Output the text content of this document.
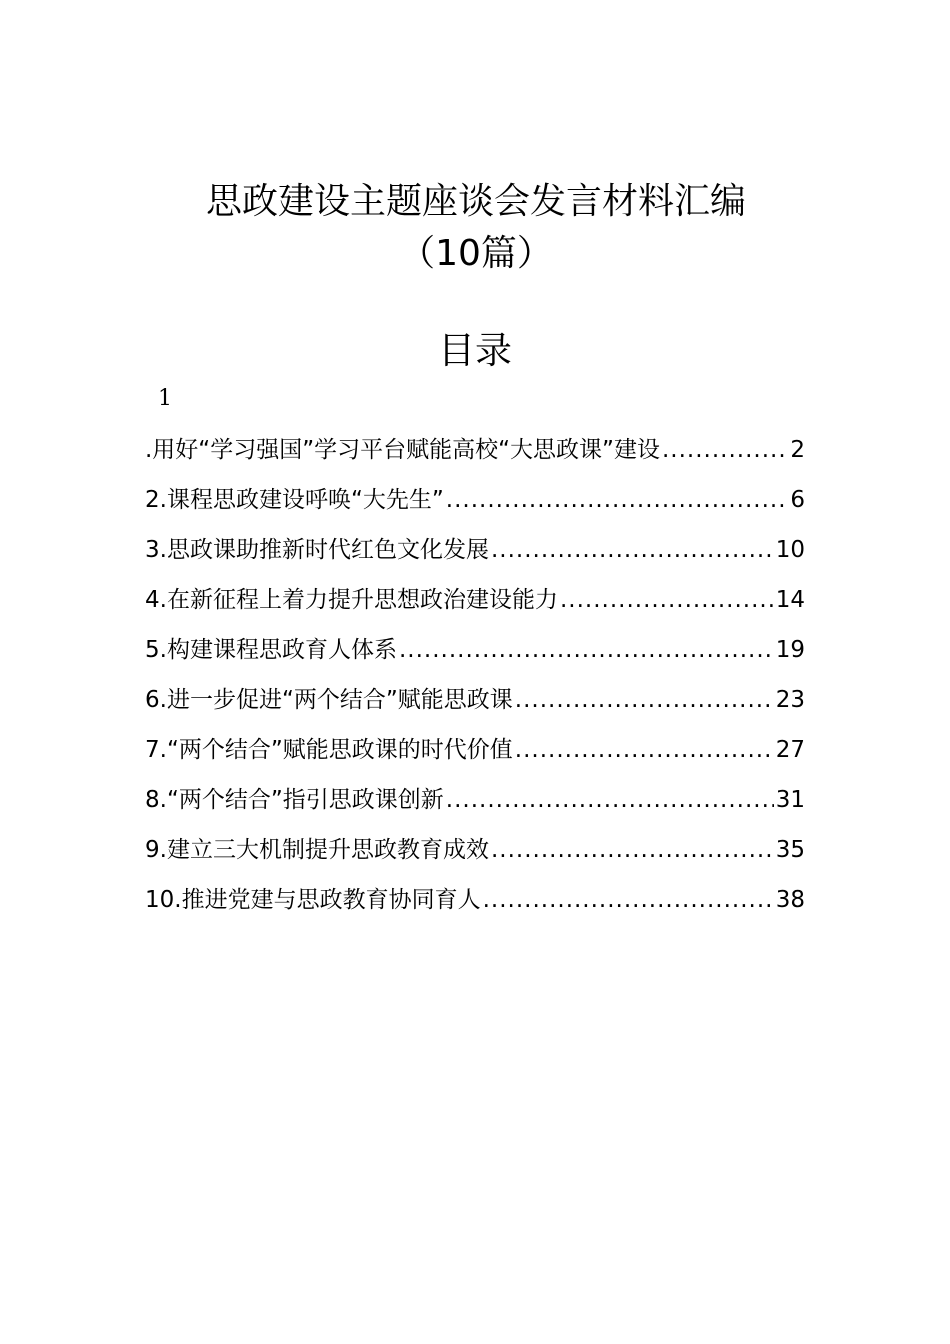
思政建设主题座谈会发言材料汇编（10篇）
目录
1
.用好“学习强国”学习平台赋能高校“大思政课”建设 .....	2
2.课程思政建设呼唤“大先生” .....	6
3.思政课助推新时代红色文化发展 .....	10
4.在新征程上着力提升思想政治建设能力 .....	14
5.构建课程思政育人体系 .....	19
6.进一步促进“两个结合”赋能思政课 .....	23
7.“两个结合”赋能思政课的时代价值 .....	27
8.“两个结合”指引思政课创新 .....	31
9.建立三大机制提升思政教育成效 .....	35
10.推进党建与思政教育协同育人 .....	38
